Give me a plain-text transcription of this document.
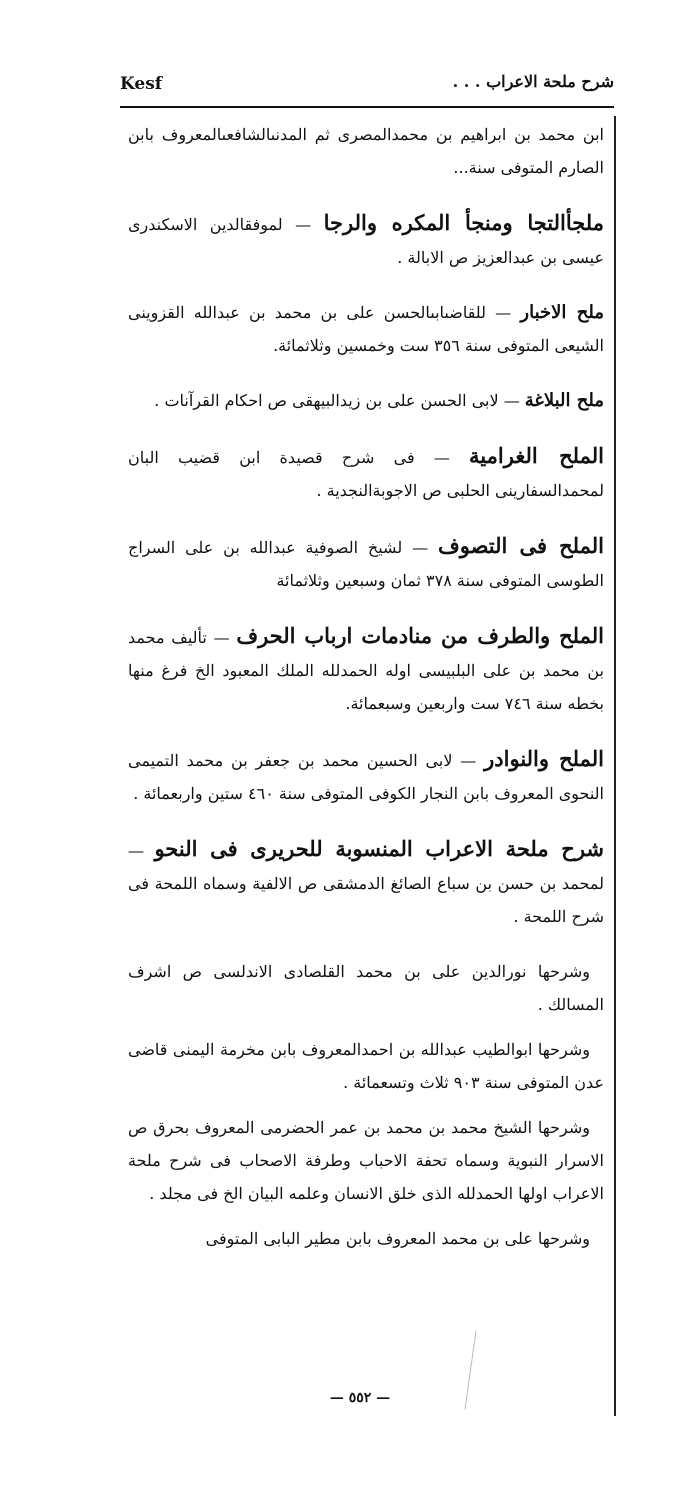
Kesf	شرح ملحة الاعراب . . .

ابن محمد بن ابراهيم بن محمدالمصرى ثم المدنىالشافعىالمعروف بابن الصارم المتوفى سنة...

ملجأالتجا ومنجأ المكره والرجا — لموفقالدين الاسكندرى عيسى بن عبدالعزيز ص الابالة .

ملح الاخبار — للقاضىابىالحسن على بن محمد بن عبدالله القزوينى الشيعى المتوفى سنة ٣٥٦ ست وخمسين وثلاثمائة.

ملح البلاغة — لابى الحسن على بن زيدالبيهقى ص احكام القرآنات .

الملح الغرامية — فى شرح قصيدة ابن قضيب البان لمحمدالسفارينى الحلبى ص الاجوبةالنجدية .

الملح فى التصوف — لشيخ الصوفية عبدالله بن على السراج الطوسى المتوفى سنة ٣٧٨ ثمان وسبعين وثلاثمائة

الملح والطرف من منادمات ارباب الحرف — تأليف محمد بن محمد بن على البلبيسى اوله الحمدلله الملك المعبود الخ فرغ منها بخطه سنة ٧٤٦ ست واربعين وسبعمائة.

الملح والنوادر — لابى الحسين محمد بن جعفر بن محمد التميمى النحوى المعروف بابن النجار الكوفى المتوفى سنة ٤٦٠ ستين واربعمائة .

شرح ملحة الاعراب المنسوبة للحريرى فى النحو — لمحمد بن حسن بن سباع الصائغ الدمشقى ص الالفية وسماه اللمحة فى شرح اللمحة .

وشرحها نورالدين على بن محمد القلصادى الاندلسى ص اشرف المسالك .

وشرحها ابوالطيب عبدالله بن احمدالمعروف بابن مخرمة اليمنى قاضى عدن المتوفى سنة ٩٠٣ ثلاث وتسعمائة .

وشرحها الشيخ محمد بن محمد بن عمر الحضرمى المعروف بحرق ص الاسرار النبوية وسماه تحفة الاحباب وطرفة الاصحاب فى شرح ملحة الاعراب اولها الحمدلله الذى خلق الانسان وعلمه البيان الخ فى مجلد .

وشرحها على بن محمد المعروف بابن مطير البابى المتوفى

— ٥٥٢ —
